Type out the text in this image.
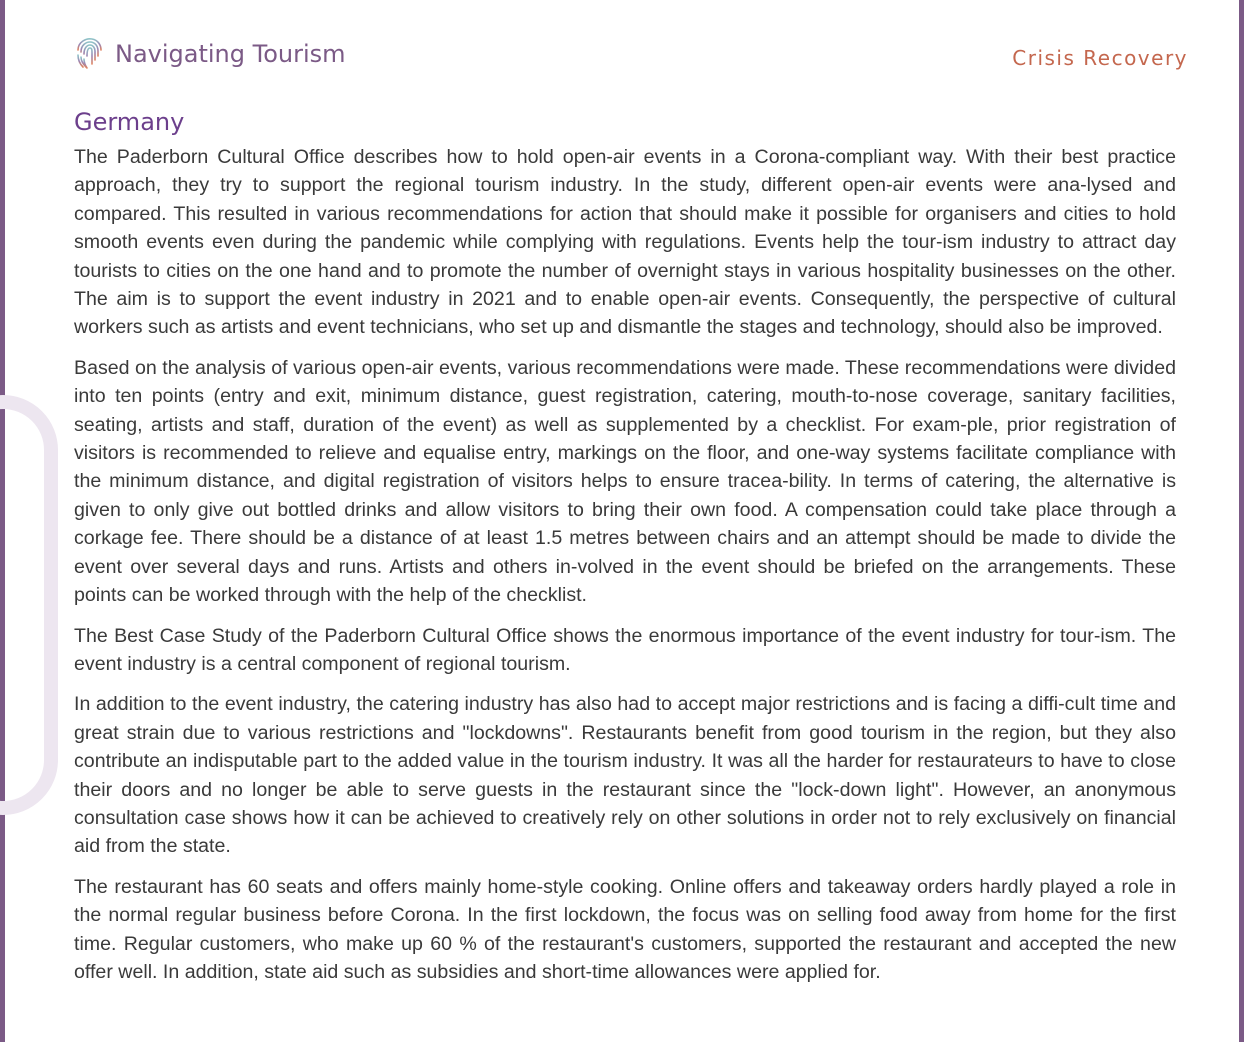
Navigating Tourism	Crisis Recovery
Germany

The Paderborn Cultural Office describes how to hold open-air events in a Corona-compliant way. With their best practice approach, they try to support the regional tourism industry. In the study, different open-air events were ana-lysed and compared. This resulted in various recommendations for action that should make it possible for organisers and cities to hold smooth events even during the pandemic while complying with regulations. Events help the tour-ism industry to attract day tourists to cities on the one hand and to promote the number of overnight stays in various hospitality businesses on the other. The aim is to support the event industry in 2021 and to enable open-air events. Consequently, the perspective of cultural workers such as artists and event technicians, who set up and dismantle the stages and technology, should also be improved.

Based on the analysis of various open-air events, various recommendations were made. These recommendations were divided into ten points (entry and exit, minimum distance, guest registration, catering, mouth-to-nose coverage, sanitary facilities, seating, artists and staff, duration of the event) as well as supplemented by a checklist. For exam-ple, prior registration of visitors is recommended to relieve and equalise entry, markings on the floor, and one-way systems facilitate compliance with the minimum distance, and digital registration of visitors helps to ensure tracea-bility. In terms of catering, the alternative is given to only give out bottled drinks and allow visitors to bring their own food. A compensation could take place through a corkage fee. There should be a distance of at least 1.5 metres between chairs and an attempt should be made to divide the event over several days and runs. Artists and others in-volved in the event should be briefed on the arrangements. These points can be worked through with the help of the checklist.

The Best Case Study of the Paderborn Cultural Office shows the enormous importance of the event industry for tour-ism. The event industry is a central component of regional tourism.

In addition to the event industry, the catering industry has also had to accept major restrictions and is facing a diffi-cult time and great strain due to various restrictions and "lockdowns". Restaurants benefit from good tourism in the region, but they also contribute an indisputable part to the added value in the tourism industry. It was all the harder for restaurateurs to have to close their doors and no longer be able to serve guests in the restaurant since the "lock-down light". However, an anonymous consultation case shows how it can be achieved to creatively rely on other solutions in order not to rely exclusively on financial aid from the state.

The restaurant has 60 seats and offers mainly home-style cooking. Online offers and takeaway orders hardly played a role in the normal regular business before Corona. In the first lockdown, the focus was on selling food away from home for the first time. Regular customers, who make up 60 % of the restaurant's customers, supported the restaurant and accepted the new offer well. In addition, state aid such as subsidies and short-time allowances were applied for.
